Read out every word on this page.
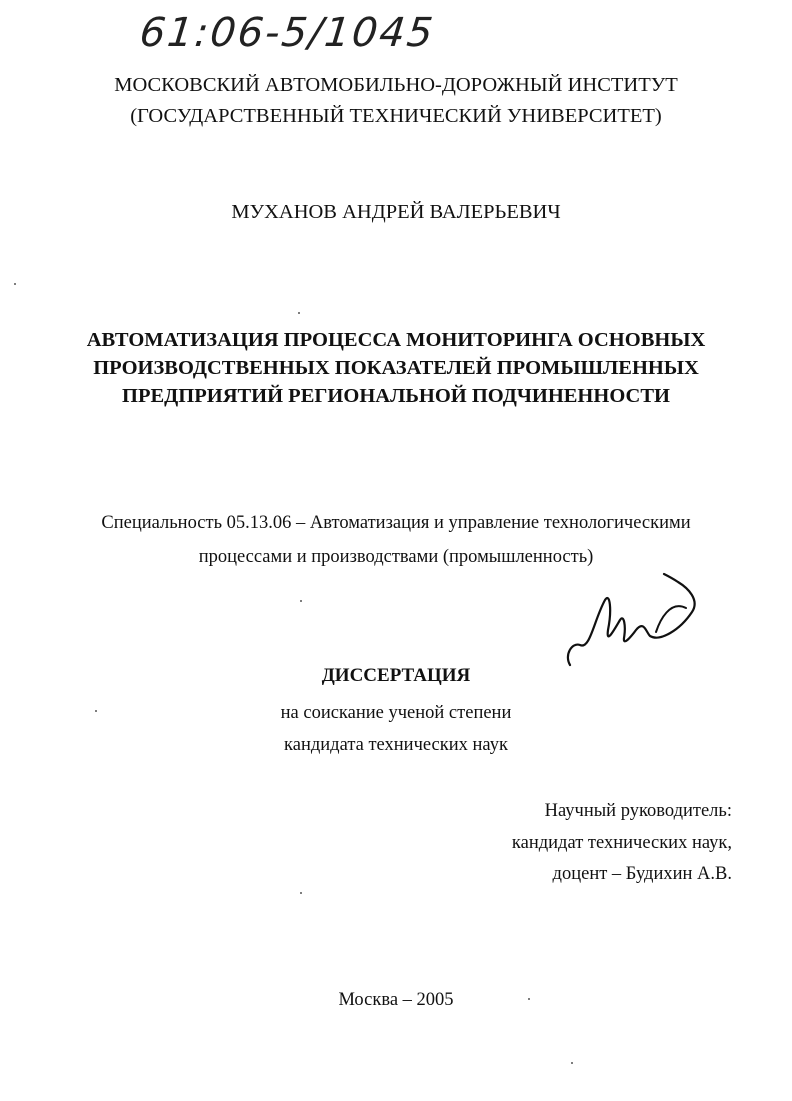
61:06-5/1045
МОСКОВСКИЙ АВТОМОБИЛЬНО-ДОРОЖНЫЙ ИНСТИТУТ
(ГОСУДАРСТВЕННЫЙ ТЕХНИЧЕСКИЙ УНИВЕРСИТЕТ)
МУХАНОВ АНДРЕЙ ВАЛЕРЬЕВИЧ
АВТОМАТИЗАЦИЯ ПРОЦЕССА МОНИТОРИНГА ОСНОВНЫХ
ПРОИЗВОДСТВЕННЫХ ПОКАЗАТЕЛЕЙ ПРОМЫШЛЕННЫХ
ПРЕДПРИЯТИЙ РЕГИОНАЛЬНОЙ ПОДЧИНЕННОСТИ
Специальность 05.13.06 – Автоматизация и управление технологическими
процессами и производствами (промышленность)
ДИССЕРТАЦИЯ
на соискание ученой степени
кандидата технических наук
Научный руководитель:
кандидат технических наук,
доцент – Будихин А.В.
Москва – 2005
